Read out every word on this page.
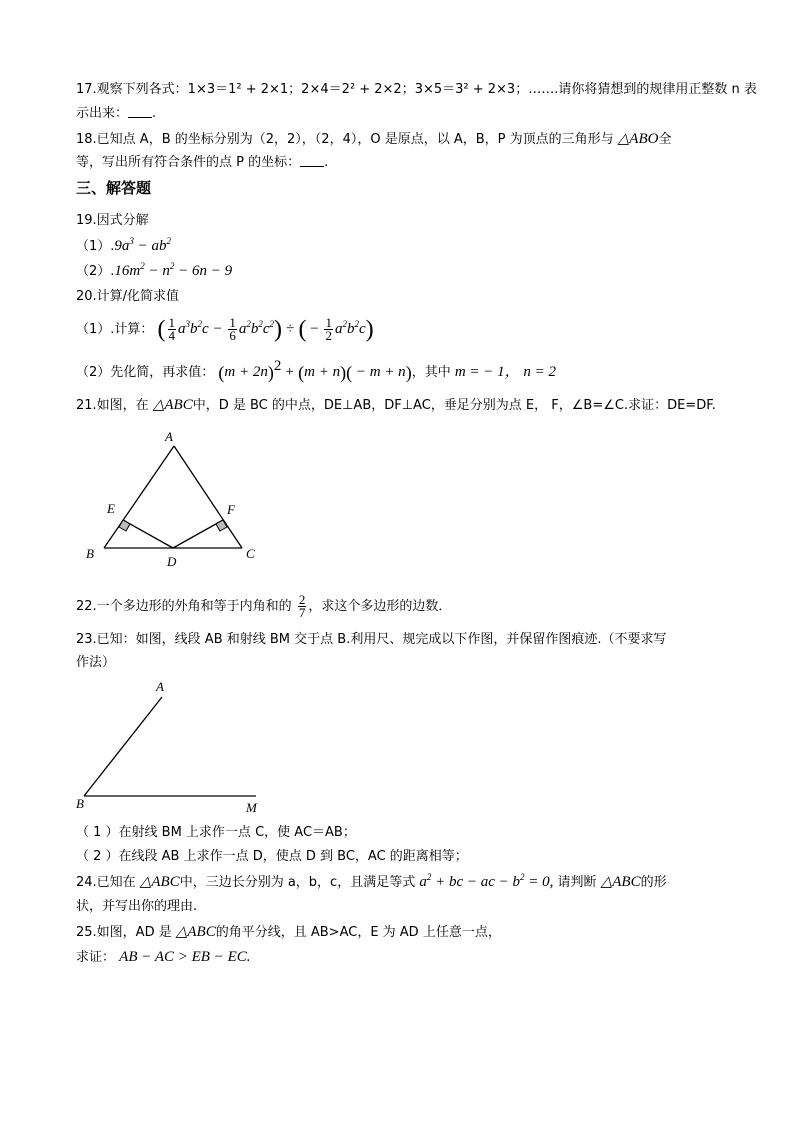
17.观察下列各式：1×3＝1² + 2×1；2×4＝2² + 2×2；3×5＝3² + 2×3；…….请你将猜想到的规律用正整数 n 表
示出来： .
18.已知点 A，B 的坐标分别为（2，2），（2，4），O 是原点，以 A，B，P 为顶点的三角形与 △ABO全
等，写出所有符合条件的点 P 的坐标： .
三、解答题
19.因式分解
$(1).9a^3 - ab^2$
$(2).16m^2 - n^2 - 6n - 9$
20.计算/化简求值
（1）.计算： ( $\frac{1}{4} a^3b^2c - \frac{1}{6} a^2b^2c^2$) ÷ ( − $\frac{1}{2} a^2b^2c$)
（2）先化简，再求值： $(m + 2n)^2 + (m + n)( - m + n)$，其中 m = − 1， n = 2
21.如图，在 △ABC中，D 是 BC 的中点，DE⊥AB，DF⊥AC，垂足分别为点 E， F，∠B=∠C.求证：DE=DF.
A
B	C
D
E	F
22.一个多边形的外角和等于内角和的 $\frac{2}{7}$ ，求这个多边形的边数．
23.已知：如图，线段 AB 和射线 BM 交于点 B.利用尺、规完成以下作图，并保留作图痕迹.（不要求写
作法）
A
B	M
（ 1 ）在射线 BM 上求作一点 C，使 AC＝AB；
（ 2 ）在线段 AB 上求作一点 D，使点 D 到 BC，AC 的距离相等；
24.已知在 △ABC中，三边长分别为 a，b，c，且满足等式 $a^2$ + bc − ac − $b^2 = 0$, 请判断 △ABC的形
状，并写出你的理由.
25.如图，AD 是 △ABC的角平分线，且 AB>AC，E 为 AD 上任意一点，
求证： AB − AC > EB − EC.
